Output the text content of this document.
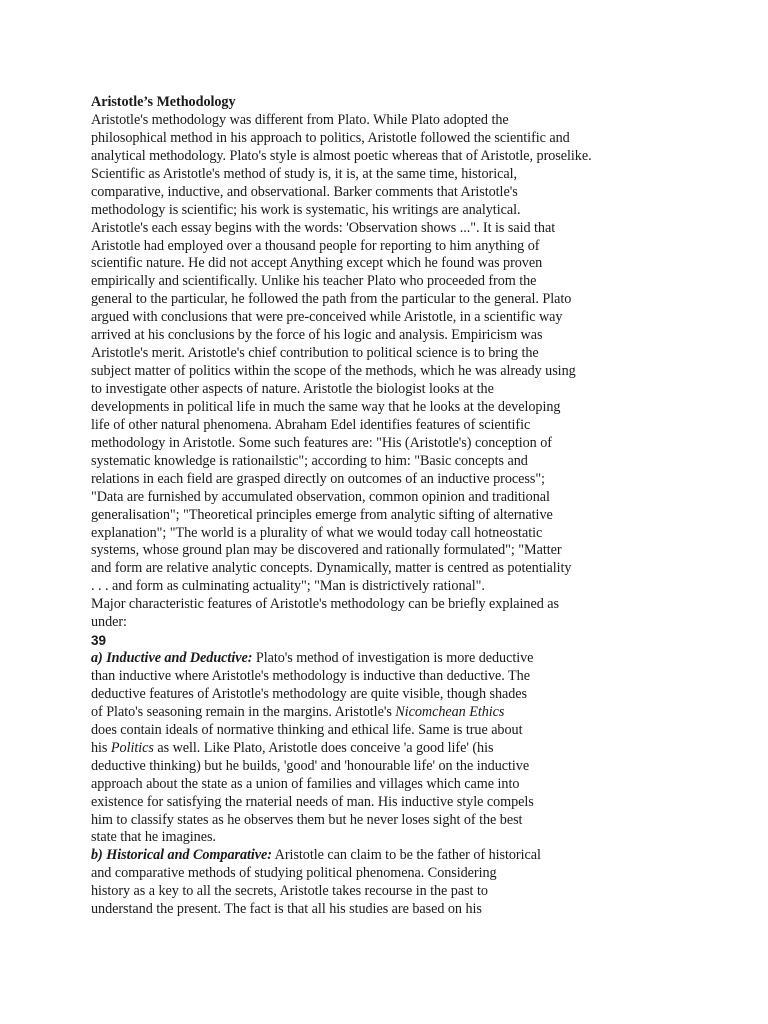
Aristotle’s Methodology
Aristotle's methodology was different from Plato. While Plato adopted the
philosophical method in his approach to politics, Aristotle followed the scientific and
analytical methodology. Plato's style is almost poetic whereas that of Aristotle, proselike.
Scientific as Aristotle's method of study is, it is, at the same time, historical,
comparative, inductive, and observational. Barker comments that Aristotle's
methodology is scientific; his work is systematic, his writings are analytical.
Aristotle's each essay begins with the words: 'Observation shows ...". It is said that
Aristotle had employed over a thousand people for reporting to him anything of
scientific nature. He did not accept Anything except which he found was proven
empirically and scientifically. Unlike his teacher Plato who proceeded from the
general to the particular, he followed the path from the particular to the general. Plato
argued with conclusions that were pre-conceived while Aristotle, in a scientific way
arrived at his conclusions by the force of his logic and analysis. Empiricism was
Aristotle's merit. Aristotle's chief contribution to political science is to bring the
subject matter of politics within the scope of the methods, which he was already using
to investigate other aspects of nature. Aristotle the biologist looks at the
developments in political life in much the same way that he looks at the developing
life of other natural phenomena. Abraham Edel identifies features of scientific
methodology in Aristotle. Some such features are: "His (Aristotle's) conception of
systematic knowledge is rationailstic"; according to him: "Basic concepts and
relations in each field are grasped directly on outcomes of an inductive process";
"Data are furnished by accumulated observation, common opinion and traditional
generalisation"; "Theoretical principles emerge from analytic sifting of alternative
explanation"; "The world is a plurality of what we would today call hotneostatic
systems, whose ground plan may be discovered and rationally formulated"; "Matter
and form are relative analytic concepts. Dynamically, matter is centred as potentiality
. . . and form as culminating actuality"; "Man is districtively rational".
Major characteristic features of Aristotle's methodology can be briefly explained as
under:
39
a) Inductive and Deductive: Plato's method of investigation is more deductive
than inductive where Aristotle's methodology is inductive than deductive. The
deductive features of Aristotle's methodology are quite visible, though shades
of Plato's seasoning remain in the margins. Aristotle's Nicomchean Ethics
does contain ideals of normative thinking and ethical life. Same is true about
his Politics as well. Like Plato, Aristotle does conceive 'a good life' (his
deductive thinking) but he builds, 'good' and 'honourable life' on the inductive
approach about the state as a union of families and villages which came into
existence for satisfying the rnaterial needs of man. His inductive style compels
him to classify states as he observes them but he never loses sight of the best
state that he imagines.
b) Historical and Comparative: Aristotle can claim to be the father of historical
and comparative methods of studying political phenomena. Considering
history as a key to all the secrets, Aristotle takes recourse in the past to
understand the present. The fact is that all his studies are based on his
